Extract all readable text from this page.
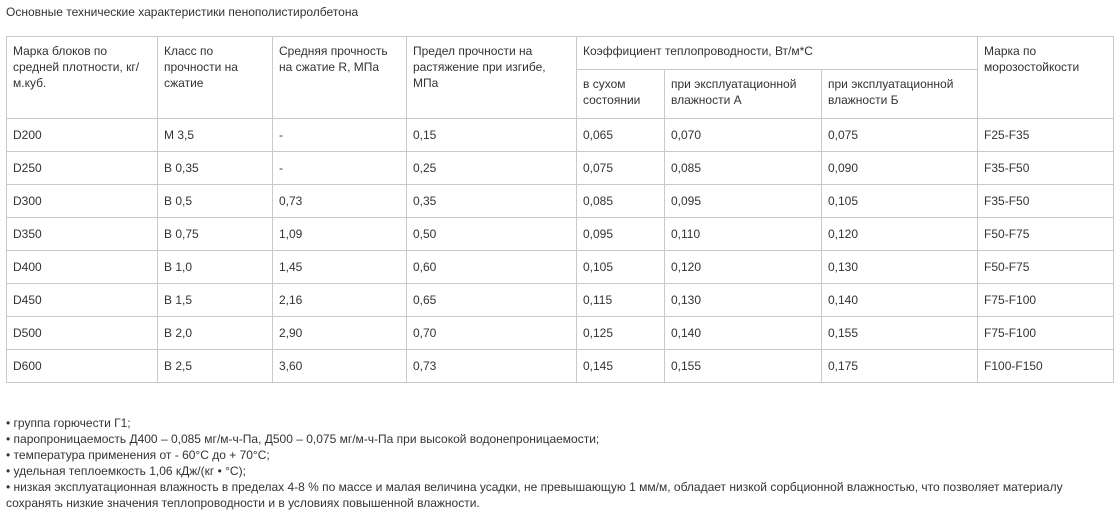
Основные технические характеристики пенополистиролбетона
Марка блоков по средней плотности, кг/м.куб.	Класс по прочности на сжатие	Средняя прочность на сжатие R, МПа	Предел прочности на растяжение при изгибе, МПа	Коэффициент теплопроводности, Вт/м*С			Марка по морозостойкости
				в сухом состоянии	при эксплуатационной влажности А	при эксплуатационной влажности Б	
D200	М 3,5	-	0,15	0,065	0,070	0,075	F25-F35
D250	В 0,35	-	0,25	0,075	0,085	0,090	F35-F50
D300	В 0,5	0,73	0,35	0,085	0,095	0,105	F35-F50
D350	В 0,75	1,09	0,50	0,095	0,110	0,120	F50-F75
D400	В 1,0	1,45	0,60	0,105	0,120	0,130	F50-F75
D450	В 1,5	2,16	0,65	0,115	0,130	0,140	F75-F100
D500	В 2,0	2,90	0,70	0,125	0,140	0,155	F75-F100
D600	В 2,5	3,60	0,73	0,145	0,155	0,175	F100-F150

• группа горючести Г1;

• паропроницаемость Д400 – 0,085 мг/м-ч-Па, Д500 – 0,075 мг/м-ч-Па при высокой водонепроницаемости;

• температура применения от - 60°С до + 70°С;

• удельная теплоемкость 1,06 кДж/(кг • °С);

• низкая эксплуатационная влажность в пределах 4-8 % по массе и малая величина усадки, не превышающую 1 мм/м, обладает низкой сорбционной влажностью, что позволяет материалу сохранять низкие значения теплопроводности и в условиях повышенной влажности.
